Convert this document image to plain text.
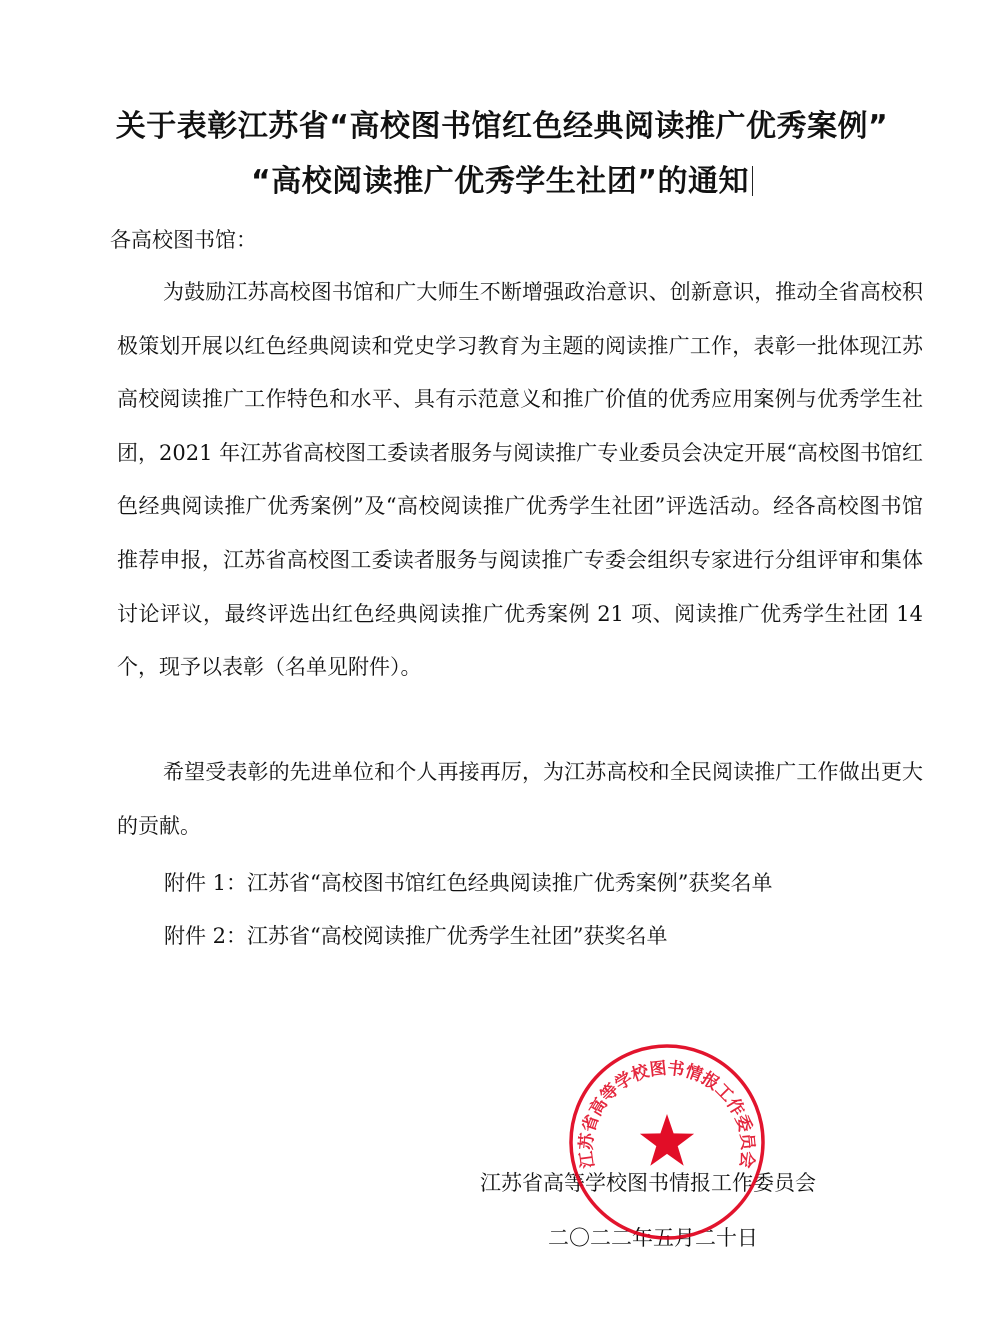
关于表彰江苏省“高校图书馆红色经典阅读推广优秀案例”
“高校阅读推广优秀学生社团”的通知
各高校图书馆：

为鼓励江苏高校图书馆和广大师生不断增强政治意识、创新意识，推动全省高校积极策划开展以红色经典阅读和党史学习教育为主题的阅读推广工作，表彰一批体现江苏高校阅读推广工作特色和水平、具有示范意义和推广价值的优秀应用案例与优秀学生社团，2021 年江苏省高校图工委读者服务与阅读推广专业委员会决定开展“高校图书馆红色经典阅读推广优秀案例”及“高校阅读推广优秀学生社团”评选活动。经各高校图书馆推荐申报，江苏省高校图工委读者服务与阅读推广专委会组织专家进行分组评审和集体讨论评议，最终评选出红色经典阅读推广优秀案例 21 项、阅读推广优秀学生社团 14 个，现予以表彰（名单见附件）。

希望受表彰的先进单位和个人再接再厉，为江苏高校和全民阅读推广工作做出更大的贡献。

附件 1：江苏省“高校图书馆红色经典阅读推广优秀案例”获奖名单
附件 2：江苏省“高校阅读推广优秀学生社团”获奖名单
江苏省高等学校图书情报工作委员会
二〇二二年五月二十日
江苏省高等学校图书情报工作委员会
